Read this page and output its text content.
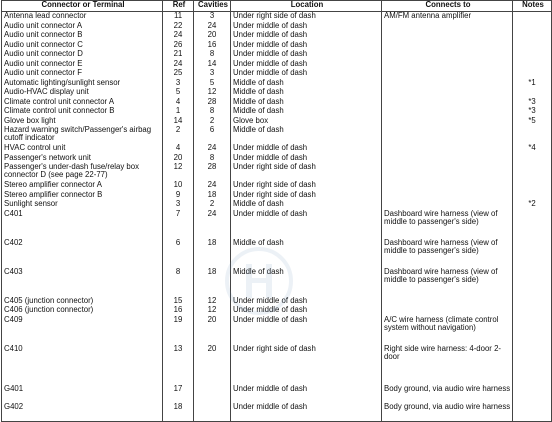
Connector or Terminal	Ref	Cavities	Location	Connects to	Notes
Antenna lead connector	11	3	Under right side of dash	AM/FM antenna amplifier	
Audio unit connector A	22	24	Under middle of dash		
Audio unit connector B	24	20	Under middle of dash		
Audio unit connector C	26	16	Under middle of dash		
Audio unit connector D	21	8	Under middle of dash		
Audio unit connector E	24	14	Under middle of dash		
Audio unit connector F	25	3	Under middle of dash		
Automatic lighting/sunlight sensor	3	5	Middle of dash		*1
Audio-HVAC display unit	5	12	Middle of dash		
Climate control unit connector A	4	28	Middle of dash		*3
Climate control unit connector B	1	8	Middle of dash		*3
Glove box light	14	2	Glove box		*5
Hazard warning switch/Passenger's airbag cutoff indicator	2	6	Middle of dash		
HVAC control unit	4	24	Under middle of dash		*4
Passenger's network unit	20	8	Under middle of dash		
Passenger's under-dash fuse/relay box connector D (see page 22-77)	12	28	Under right side of dash		
Stereo amplifier connector A	10	24	Under right side of dash		
Stereo amplifier connector B	9	18	Under right side of dash		
Sunlight sensor	3	2	Middle of dash		*2
C401	7	24	Under middle of dash	Dashboard wire harness (view of middle to passenger's side)	
C402	6	18	Middle of dash	Dashboard wire harness (view of middle to passenger's side)	
C403	8	18	Middle of dash	Dashboard wire harness (view of middle to passenger's side)	
C405 (junction connector)	15	12	Under middle of dash		
C406 (junction connector)	16	12	Under middle of dash		
C409	19	20	Under middle of dash	A/C wire harness (climate control system without navigation)	
C410	13	20	Under right side of dash	Right side wire harness: 4-door 2-door	
G401	17		Under middle of dash	Body ground, via audio wire harness	
G402	18		Under middle of dash	Body ground, via audio wire harness	
